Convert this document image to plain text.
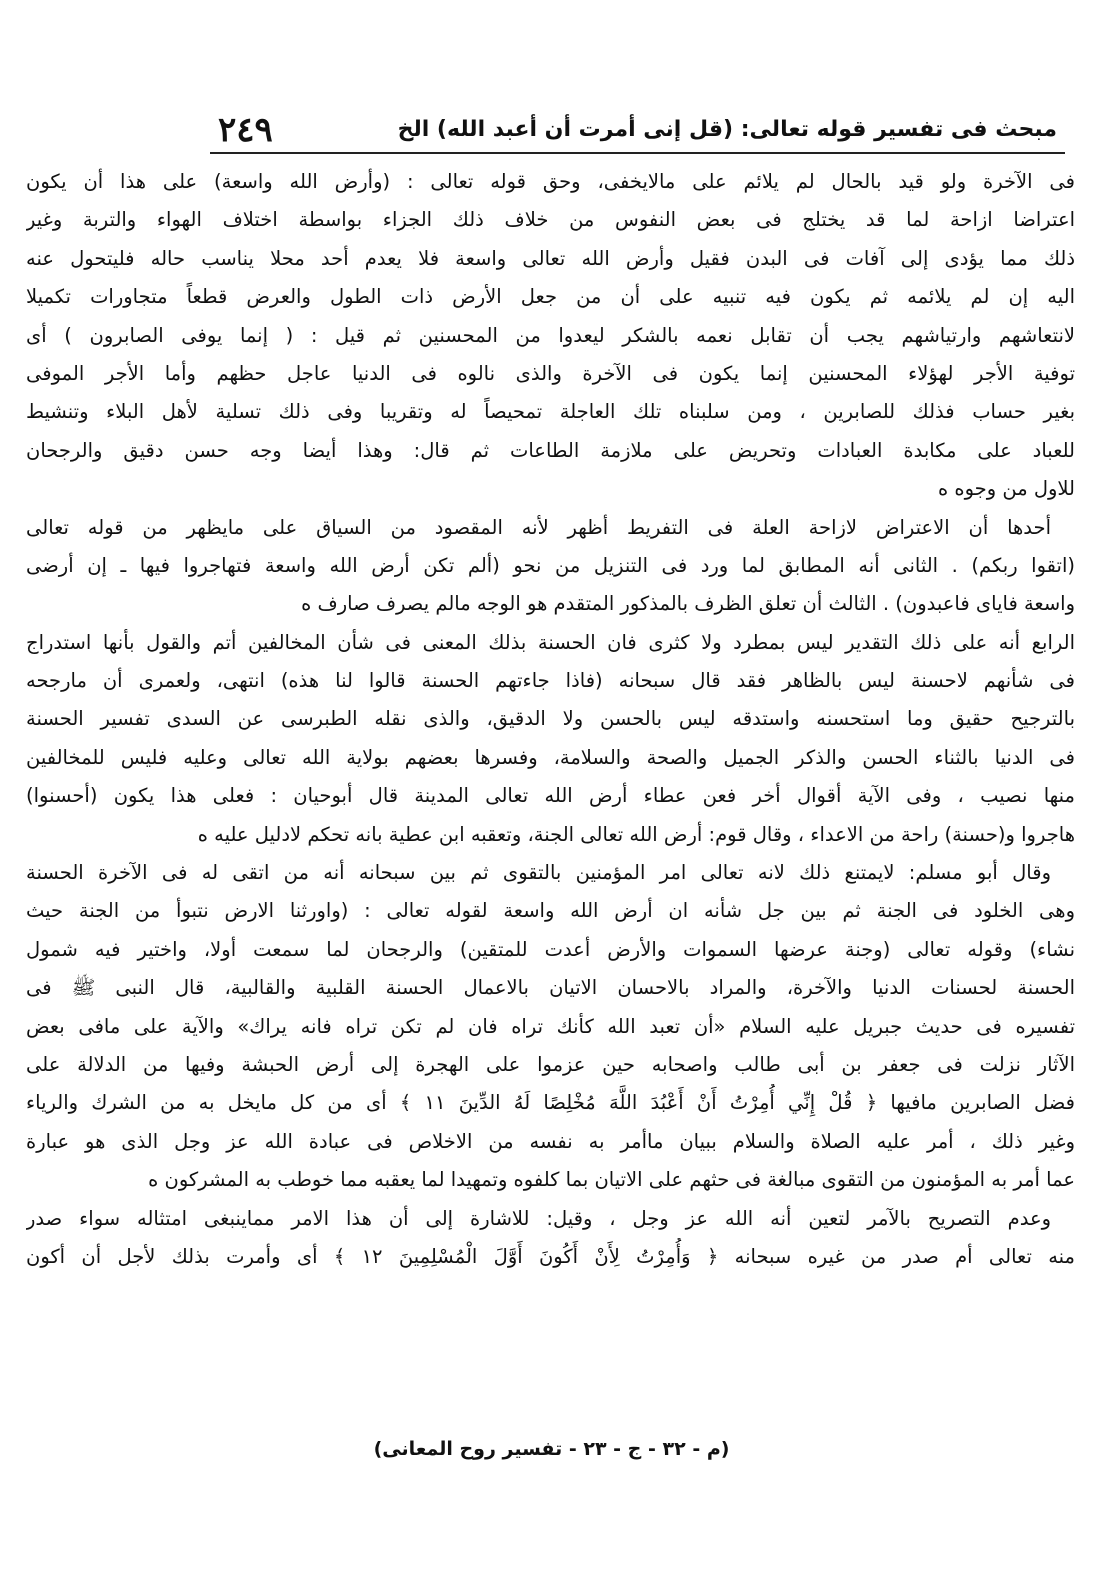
٢٤٩	مبحث فى تفسير قوله تعالى: (قل إنى أمرت أن أعبد الله) الخ
فى الآخرة ولو قيد بالحال لم يلائم على مالايخفى، وحق قوله تعالى : (وأرض الله واسعة) على هذا أن يكون
اعتراضا ازاحة لما قد يختلج فى بعض النفوس من خلاف ذلك الجزاء بواسطة اختلاف الهواء والتربة وغير
ذلك مما يؤدى إلى آفات فى البدن فقيل وأرض الله تعالى واسعة فلا يعدم أحد محلا يناسب حاله فليتحول عنه
اليه إن لم يلائمه ثم يكون فيه تنبيه على أن من جعل الأرض ذات الطول والعرض قطعاً متجاورات تكميلا
لانتعاشهم وارتياشهم يجب أن تقابل نعمه بالشكر ليعدوا من المحسنين ثم قيل : ( إنما يوفى الصابرون ) أى
توفية الأجر لهؤلاء المحسنين إنما يكون فى الآخرة والذى نالوه فى الدنيا عاجل حظهم وأما الأجر الموفى
بغير حساب فذلك للصابرين ، ومن سلبناه تلك العاجلة تمحيصاً له وتقريبا وفى ذلك تسلية لأهل البلاء وتنشيط
للعباد على مكابدة العبادات وتحريض على ملازمة الطاعات ثم قال: وهذا أيضا وجه حسن دقيق والرجحان
للاول من وجوه ه
أحدها أن الاعتراض لازاحة العلة فى التفريط أظهر لأنه المقصود من السياق على مايظهر من قوله تعالى
(اتقوا ربكم) . الثانى أنه المطابق لما ورد فى التنزيل من نحو (ألم تكن أرض الله واسعة فتهاجروا فيها ـ إن أرضى
واسعة فاياى فاعبدون) . الثالث أن تعلق الظرف بالمذكور المتقدم هو الوجه مالم يصرف صارف ه
الرابع أنه على ذلك التقدير ليس بمطرد ولا كثرى فان الحسنة بذلك المعنى فى شأن المخالفين أتم والقول بأنها استدراج
فى شأنهم لاحسنة ليس بالظاهر فقد قال سبحانه (فاذا جاءتهم الحسنة قالوا لنا هذه) انتهى، ولعمرى أن مارجحه
بالترجيح حقيق وما استحسنه واستدقه ليس بالحسن ولا الدقيق، والذى نقله الطبرسى عن السدى تفسير الحسنة
فى الدنيا بالثناء الحسن والذكر الجميل والصحة والسلامة، وفسرها بعضهم بولاية الله تعالى وعليه فليس للمخالفين
منها نصيب ، وفى الآية أقوال أخر فعن عطاء أرض الله تعالى المدينة قال أبوحيان : فعلى هذا يكون (أحسنوا)
هاجروا و(حسنة) راحة من الاعداء ، وقال قوم: أرض الله تعالى الجنة، وتعقبه ابن عطية بانه تحكم لادليل عليه ه
وقال أبو مسلم: لايمتنع ذلك لانه تعالى امر المؤمنين بالتقوى ثم بين سبحانه أنه من اتقى له فى الآخرة الحسنة
وهى الخلود فى الجنة ثم بين جل شأنه ان أرض الله واسعة لقوله تعالى : (واورثنا الارض نتبوأ من الجنة حيث
نشاء) وقوله تعالى (وجنة عرضها السموات والأرض أعدت للمتقين) والرجحان لما سمعت أولا، واختير فيه شمول
الحسنة لحسنات الدنيا والآخرة، والمراد بالاحسان الاتيان بالاعمال الحسنة القلبية والقالبية، قال النبى ﷺ فى
تفسيره فى حديث جبريل عليه السلام «أن تعبد الله كأنك تراه فان لم تكن تراه فانه يراك» والآية على مافى بعض
الآثار نزلت فى جعفر بن أبى طالب واصحابه حين عزموا على الهجرة إلى أرض الحبشة وفيها من الدلالة على
فضل الصابرين مافيها ﴿ قُلْ إِنِّي أُمِرْتُ أَنْ أَعْبُدَ اللَّهَ مُخْلِصًا لَهُ الدِّينَ ١١ ﴾ أى من كل مايخل به من الشرك والرياء
وغير ذلك ، أمر عليه الصلاة والسلام ببيان ماأمر به نفسه من الاخلاص فى عبادة الله عز وجل الذى هو عبارة
عما أمر به المؤمنون من التقوى مبالغة فى حثهم على الاتيان بما كلفوه وتمهيدا لما يعقبه مما خوطب به المشركون ه
وعدم التصريح بالآمر لتعين أنه الله عز وجل ، وقيل: للاشارة إلى أن هذا الامر مماينبغى امتثاله سواء صدر
منه تعالى أم صدر من غيره سبحانه ﴿ وَأُمِرْتُ لِأَنْ أَكُونَ أَوَّلَ الْمُسْلِمِينَ ١٢ ﴾ أى وأمرت بذلك لأجل أن أكون
(م - ٣٢ - ج - ٢٣ - تفسير روح المعانى)
